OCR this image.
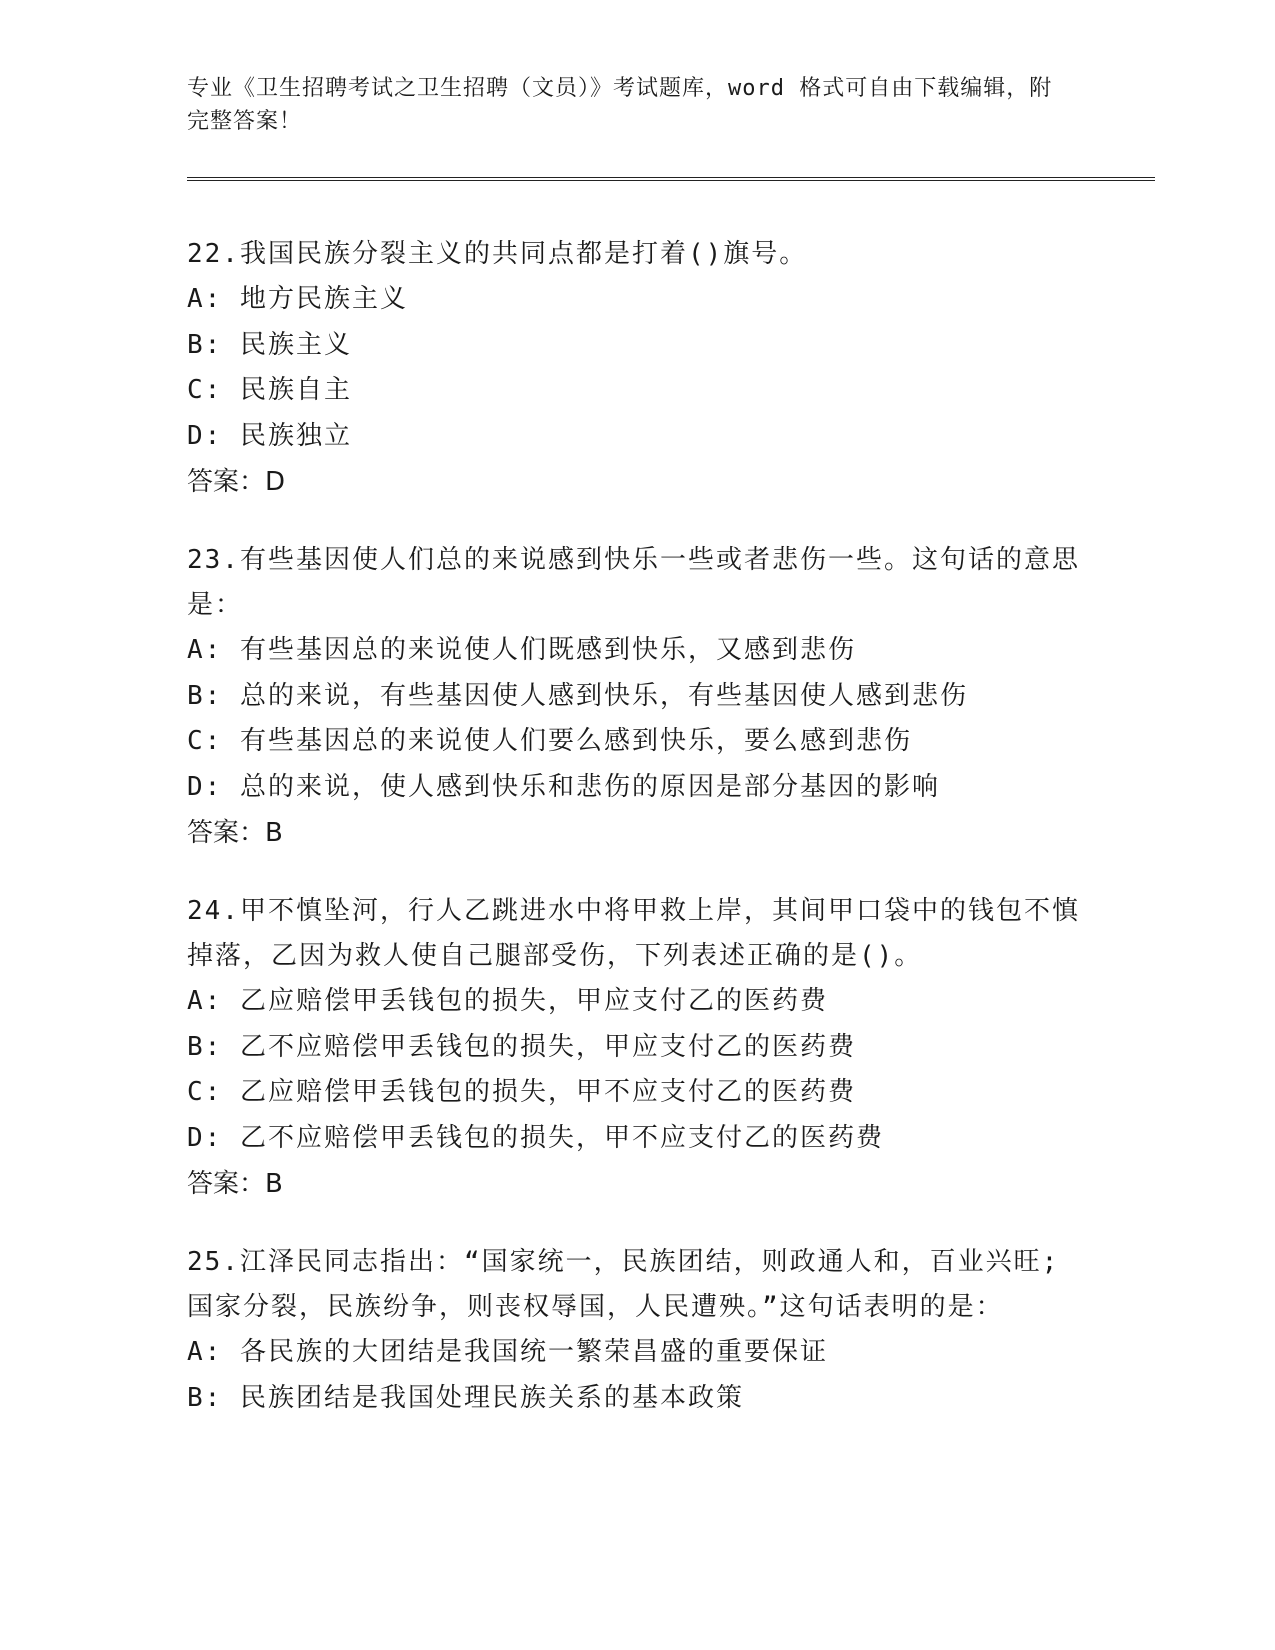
专业《卫生招聘考试之卫生招聘（文员）》考试题库，word 格式可自由下载编辑，附完整答案！

22.我国民族分裂主义的共同点都是打着()旗号。

A: 地方民族主义

B: 民族主义

C: 民族自主

D: 民族独立

答案：D

23.有些基因使人们总的来说感到快乐一些或者悲伤一些。这句话的意思是：

A: 有些基因总的来说使人们既感到快乐，又感到悲伤

B: 总的来说，有些基因使人感到快乐，有些基因使人感到悲伤

C: 有些基因总的来说使人们要么感到快乐，要么感到悲伤

D: 总的来说，使人感到快乐和悲伤的原因是部分基因的影响

答案：B

24.甲不慎坠河，行人乙跳进水中将甲救上岸，其间甲口袋中的钱包不慎掉落，乙因为救人使自己腿部受伤，下列表述正确的是()。

A: 乙应赔偿甲丢钱包的损失，甲应支付乙的医药费

B: 乙不应赔偿甲丢钱包的损失，甲应支付乙的医药费

C: 乙应赔偿甲丢钱包的损失，甲不应支付乙的医药费

D: 乙不应赔偿甲丢钱包的损失，甲不应支付乙的医药费

答案：B

25.江泽民同志指出：“国家统一，民族团结，则政通人和，百业兴旺;国家分裂，民族纷争，则丧权辱国，人民遭殃。”这句话表明的是：

A: 各民族的大团结是我国统一繁荣昌盛的重要保证

B: 民族团结是我国处理民族关系的基本政策
